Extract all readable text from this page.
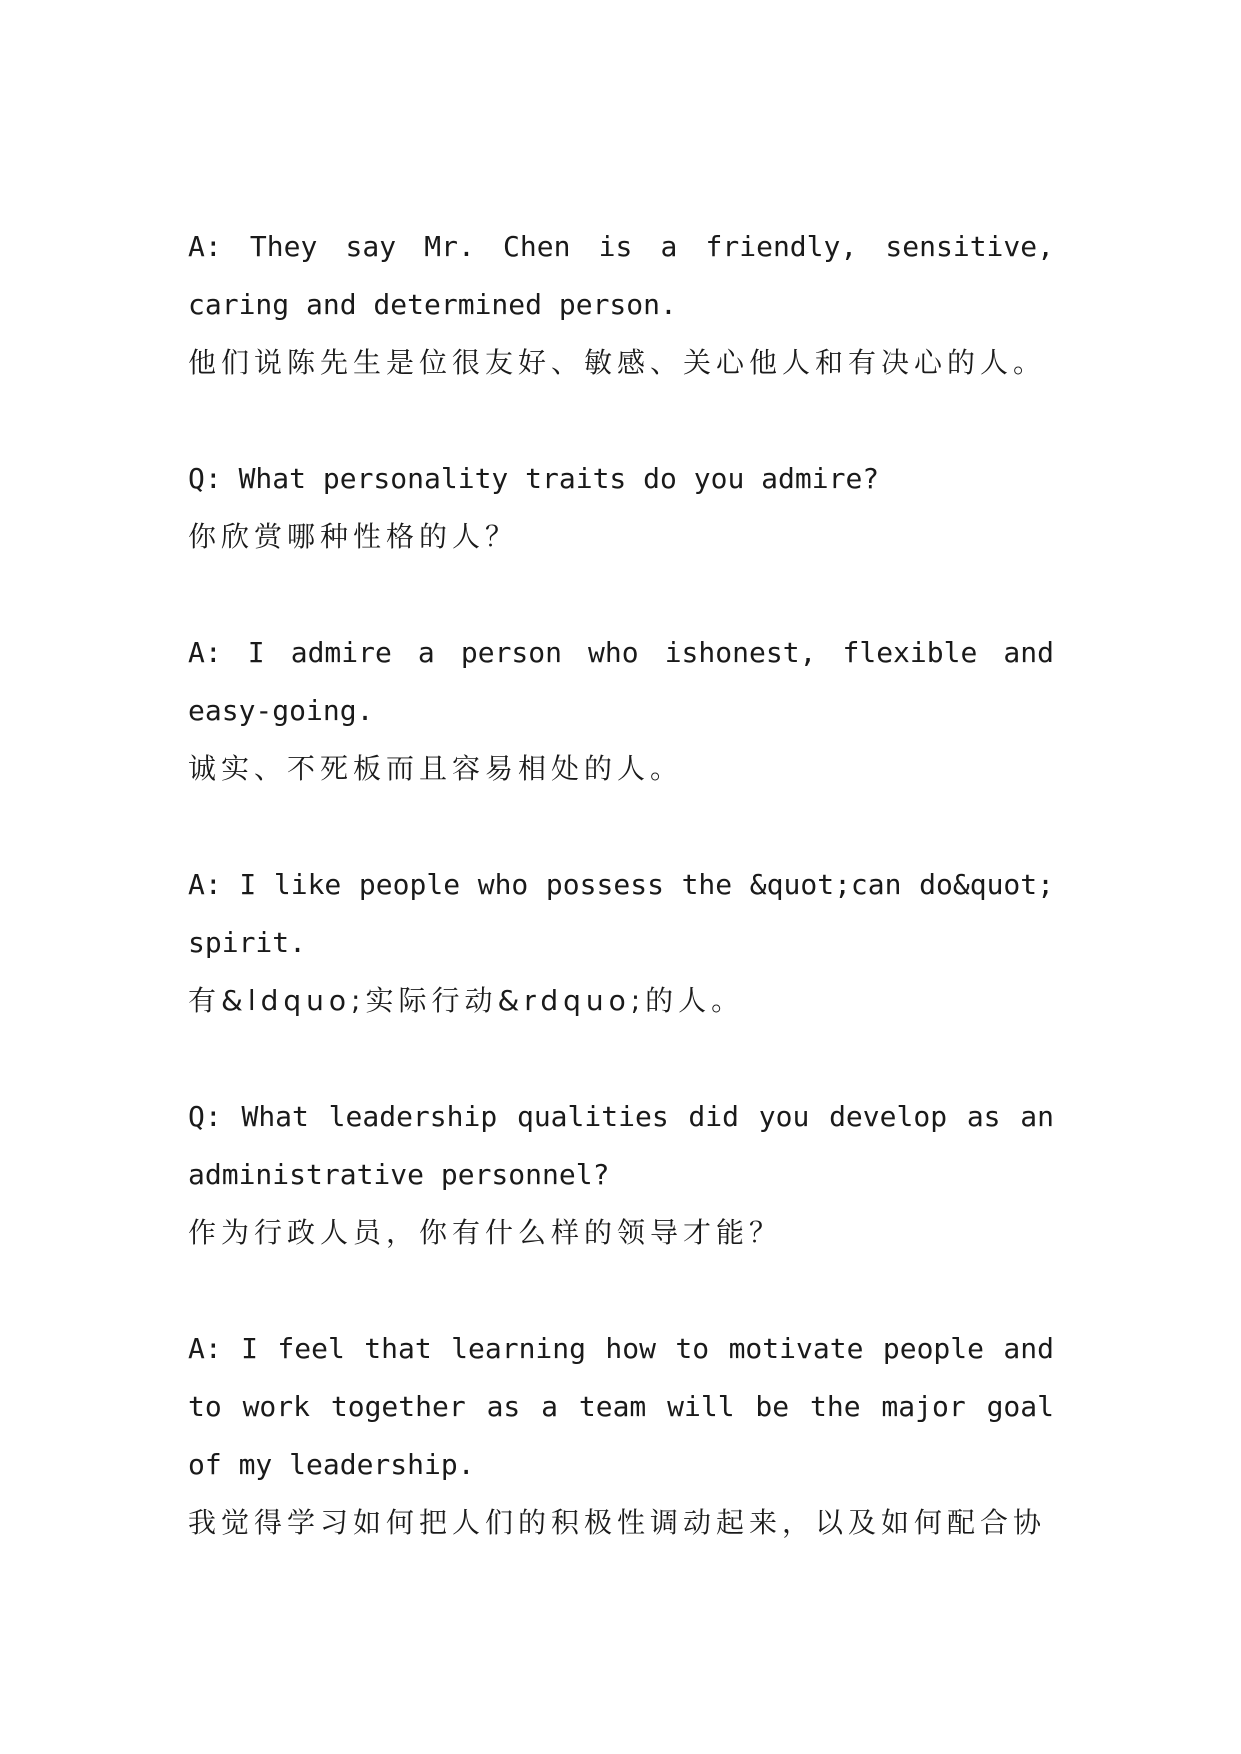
A: They say Mr. Chen is a friendly, sensitive, caring and determined person.
他们说陈先生是位很友好、敏感、关心他人和有决心的人。
Q: What personality traits do you admire?
你欣赏哪种性格的人？
A: I admire a person who ishonest, flexible and easy-going.
诚实、不死板而且容易相处的人。
A: I like people who possess the &quot;can do&quot; spirit.
有&ldquo;实际行动&rdquo;的人。
Q: What leadership qualities did you develop as an administrative personnel?
作为行政人员，你有什么样的领导才能？
A: I feel that learning how to motivate people and to work together as a team will be the major goal of my leadership.
我觉得学习如何把人们的积极性调动起来，以及如何配合协
